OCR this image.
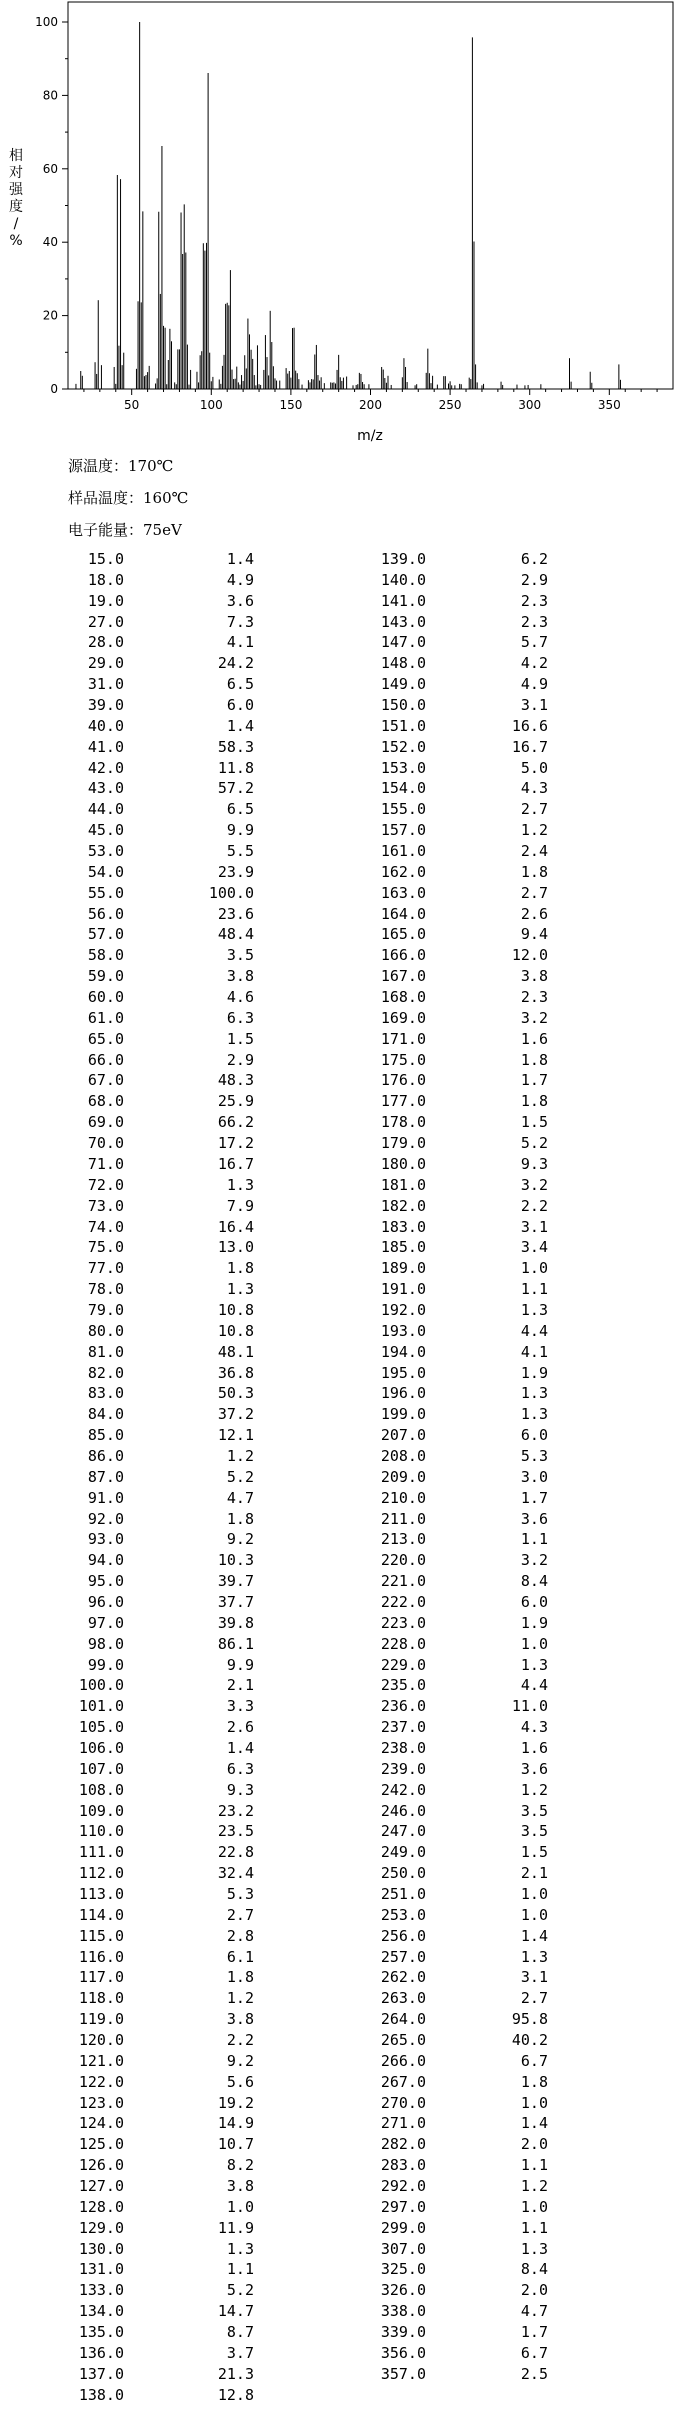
50	100	150	200	250	300	350
0
20
40
60
80
100
m/z
相对强度/ %
源温度：170℃
样品温度：160℃
电子能量：75eV
15.0	1.4
18.0	4.9
19.0	3.6
27.0	7.3
28.0	4.1
29.0	24.2
31.0	6.5
39.0	6.0
40.0	1.4
41.0	58.3
42.0	11.8
43.0	57.2
44.0	6.5
45.0	9.9
53.0	5.5
54.0	23.9
55.0	100.0
56.0	23.6
57.0	48.4
58.0	3.5
59.0	3.8
60.0	4.6
61.0	6.3
65.0	1.5
66.0	2.9
67.0	48.3
68.0	25.9
69.0	66.2
70.0	17.2
71.0	16.7
72.0	1.3
73.0	7.9
74.0	16.4
75.0	13.0
77.0	1.8
78.0	1.3
79.0	10.8
80.0	10.8
81.0	48.1
82.0	36.8
83.0	50.3
84.0	37.2
85.0	12.1
86.0	1.2
87.0	5.2
91.0	4.7
92.0	1.8
93.0	9.2
94.0	10.3
95.0	39.7
96.0	37.7
97.0	39.8
98.0	86.1
99.0	9.9
100.0	2.1
101.0	3.3
105.0	2.6
106.0	1.4
107.0	6.3
108.0	9.3
109.0	23.2
110.0	23.5
111.0	22.8
112.0	32.4
113.0	5.3
114.0	2.7
115.0	2.8
116.0	6.1
117.0	1.8
118.0	1.2
119.0	3.8
120.0	2.2
121.0	9.2
122.0	5.6
123.0	19.2
124.0	14.9
125.0	10.7
126.0	8.2
127.0	3.8
128.0	1.0
129.0	11.9
130.0	1.3
131.0	1.1
133.0	5.2
134.0	14.7
135.0	8.7
136.0	3.7
137.0	21.3
138.0	12.8
139.0	6.2
140.0	2.9
141.0	2.3
143.0	2.3
147.0	5.7
148.0	4.2
149.0	4.9
150.0	3.1
151.0	16.6
152.0	16.7
153.0	5.0
154.0	4.3
155.0	2.7
157.0	1.2
161.0	2.4
162.0	1.8
163.0	2.7
164.0	2.6
165.0	9.4
166.0	12.0
167.0	3.8
168.0	2.3
169.0	3.2
171.0	1.6
175.0	1.8
176.0	1.7
177.0	1.8
178.0	1.5
179.0	5.2
180.0	9.3
181.0	3.2
182.0	2.2
183.0	3.1
185.0	3.4
189.0	1.0
191.0	1.1
192.0	1.3
193.0	4.4
194.0	4.1
195.0	1.9
196.0	1.3
199.0	1.3
207.0	6.0
208.0	5.3
209.0	3.0
210.0	1.7
211.0	3.6
213.0	1.1
220.0	3.2
221.0	8.4
222.0	6.0
223.0	1.9
228.0	1.0
229.0	1.3
235.0	4.4
236.0	11.0
237.0	4.3
238.0	1.6
239.0	3.6
242.0	1.2
246.0	3.5
247.0	3.5
249.0	1.5
250.0	2.1
251.0	1.0
253.0	1.0
256.0	1.4
257.0	1.3
262.0	3.1
263.0	2.7
264.0	95.8
265.0	40.2
266.0	6.7
267.0	1.8
270.0	1.0
271.0	1.4
282.0	2.0
283.0	1.1
292.0	1.2
297.0	1.0
299.0	1.1
307.0	1.3
325.0	8.4
326.0	2.0
338.0	4.7
339.0	1.7
356.0	6.7
357.0	2.5
